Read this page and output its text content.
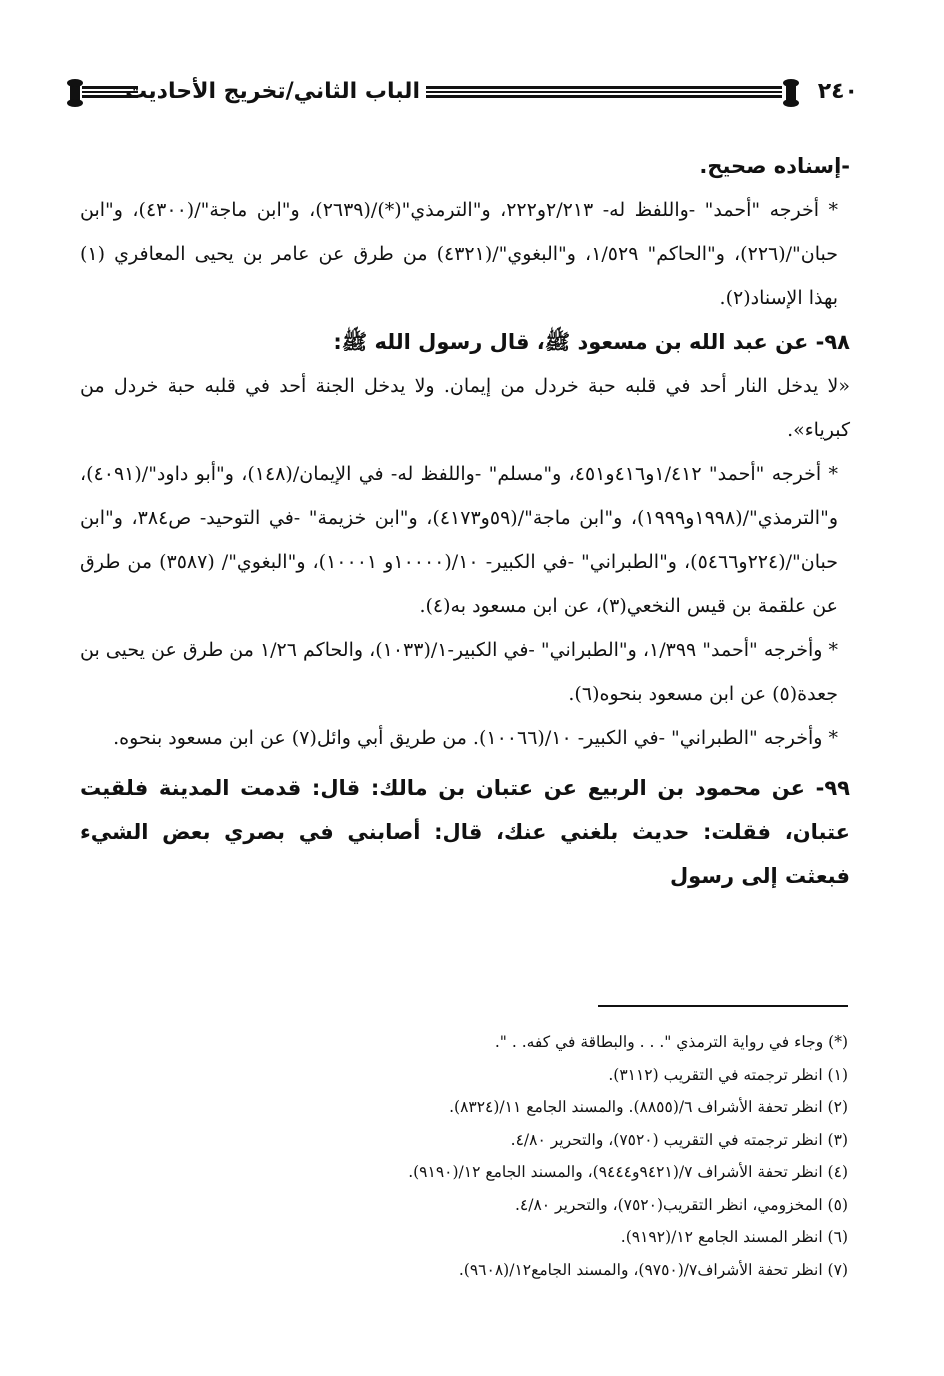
الباب الثاني/تخريج الأحاديث	٢٤٠

-إسناده صحيح.

* أخرجه "أحمد" -واللفظ له- ٢/٢١٣و٢٢٢، و"الترمذي"(*)/(٢٦٣٩)، و"ابن ماجة"/(٤٣٠٠)، و"ابن حبان"/(٢٢٦)، و"الحاكم" ١/٥٢٩، و"البغوي"/(٤٣٢١) من طرق عن عامر بن يحيى المعافري (١) بهذا الإسناد(٢).

٩٨- عن عبد الله بن مسعود ﷺ، قال رسول الله ﷺ:

«لا يدخل النار أحد في قلبه حبة خردل من إيمان. ولا يدخل الجنة أحد في قلبه حبة خردل من كبرياء».

* أخرجه "أحمد" ١/٤١٢و٤١٦و٤٥١، و"مسلم" -واللفظ له- في الإيمان/(١٤٨)، و"أبو داود"/(٤٠٩١)، و"الترمذي"/(١٩٩٨و١٩٩٩)، و"ابن ماجة"/(٥٩و٤١٧٣)، و"ابن خزيمة" -في التوحيد- ص٣٨٤، و"ابن حبان"/(٢٢٤و٥٤٦٦)، و"الطبراني" -في الكبير- ١٠/(١٠٠٠٠و ١٠٠٠١)، و"البغوي"/ (٣٥٨٧) من طرق عن علقمة بن قيس النخعي(٣)، عن ابن مسعود به(٤).

* وأخرجه "أحمد" ١/٣٩٩، و"الطبراني" -في الكبير-١/(١٠٣٣)، والحاكم ١/٢٦ من طرق عن يحيى بن جعدة(٥) عن ابن مسعود بنحوه(٦).

* وأخرجه "الطبراني" -في الكبير- ١٠/(١٠٠٦٦). من طريق أبي وائل(٧) عن ابن مسعود بنحوه.

٩٩- عن محمود بن الربيع عن عتبان بن مالك: قال: قدمت المدينة فلقيت عتبان، فقلت: حديث بلغني عنك، قال: أصابني في بصري بعض الشيء فبعثت إلى رسول

(*) وجاء في رواية الترمذي ". . . والبطاقة في كفه. . ".
(١) انظر ترجمته في التقريب (٣١١٢).
(٢) انظر تحفة الأشراف ٦/(٨٨٥٥). والمسند الجامع ١١/(٨٣٢٤).
(٣) انظر ترجمته في التقريب (٧٥٢٠)، والتحرير ٤/٨٠.
(٤) انظر تحفة الأشراف ٧/(٩٤٢١و٩٤٤٤)، والمسند الجامع ١٢/(٩١٩٠).
(٥) المخزومي، انظر التقريب(٧٥٢٠)، والتحرير ٤/٨٠.
(٦) انظر المسند الجامع ١٢/(٩١٩٢).
(٧) انظر تحفة الأشراف٧/(٩٧٥٠)، والمسند الجامع١٢/(٩٦٠٨).
